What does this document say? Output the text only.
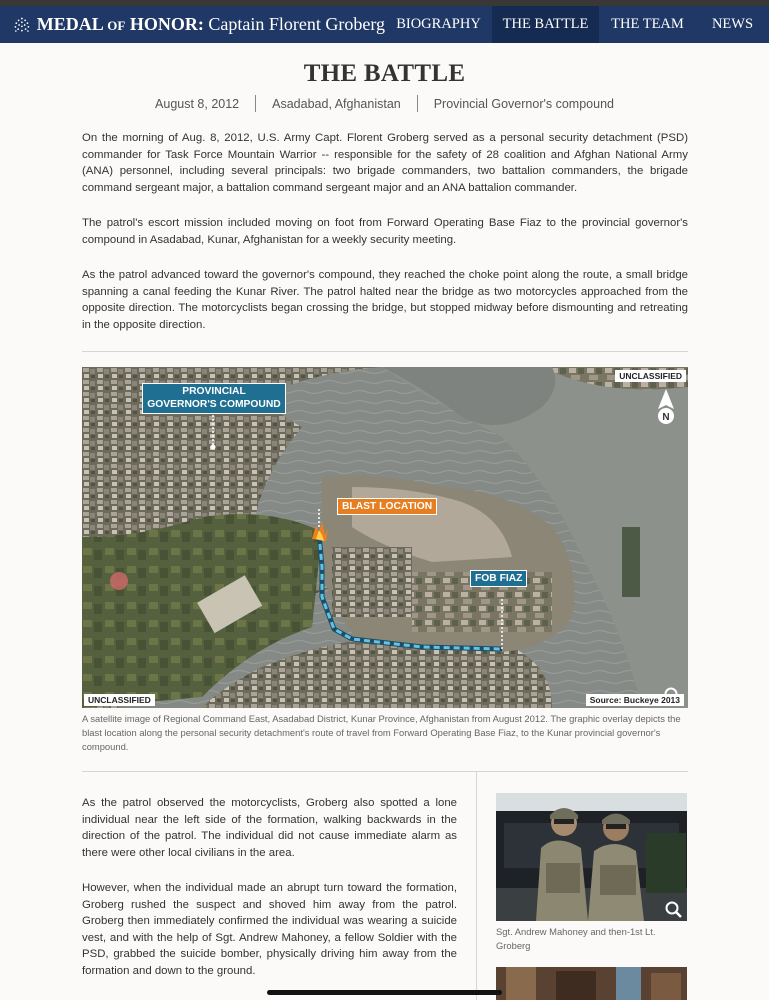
MEDAL OF HONOR: Captain Florent Groberg BIOGRAPHY	THE BATTLE	THE TEAM	NEWS
THE BATTLE
August 8, 2012	Asadabad, Afghanistan	Provincial Governor's compound

On the morning of Aug. 8, 2012, U.S. Army Capt. Florent Groberg served as a personal security detachment (PSD) commander for Task Force Mountain Warrior -- responsible for the safety of 28 coalition and Afghan National Army (ANA) personnel, including several principals: two brigade commanders, two battalion commanders, the brigade command sergeant major, a battalion command sergeant major and an ANA battalion commander.

The patrol's escort mission included moving on foot from Forward Operating Base Fiaz to the provincial governor's compound in Asadabad, Kunar, Afghanistan for a weekly security meeting.

As the patrol advanced toward the governor's compound, they reached the choke point along the route, a small bridge spanning a canal feeding the Kunar River. The patrol halted near the bridge as two motorcycles approached from the opposite direction. The motorcyclists began crossing the bridge, but stopped midway before dismounting and retreating in the opposite direction.

N
UNCLASSIFIED
PROVINCIAL GOVERNOR'S COMPOUND
BLAST LOCATION
FOB FIAZ
UNCLASSIFIED	Source: Buckeye 2013

A satellite image of Regional Command East, Asadabad District, Kunar Province, Afghanistan from August 2012. The graphic overlay depicts the blast location along the personal security detachment's route of travel from Forward Operating Base Fiaz, to the Kunar provincial governor's compound.

As the patrol observed the motorcyclists, Groberg also spotted a lone individual near the left side of the formation, walking backwards in the direction of the patrol. The individual did not cause immediate alarm as there were other local civilians in the area.

However, when the individual made an abrupt turn toward the formation, Groberg rushed the suspect and shoved him away from the patrol. Groberg then immediately confirmed the individual was wearing a suicide vest, and with the help of Sgt. Andrew Mahoney, a fellow Soldier with the PSD, grabbed the suicide bomber, physically driving him away from the formation and down to the ground.

Sgt. Andrew Mahoney and then-1st Lt. Groberg
